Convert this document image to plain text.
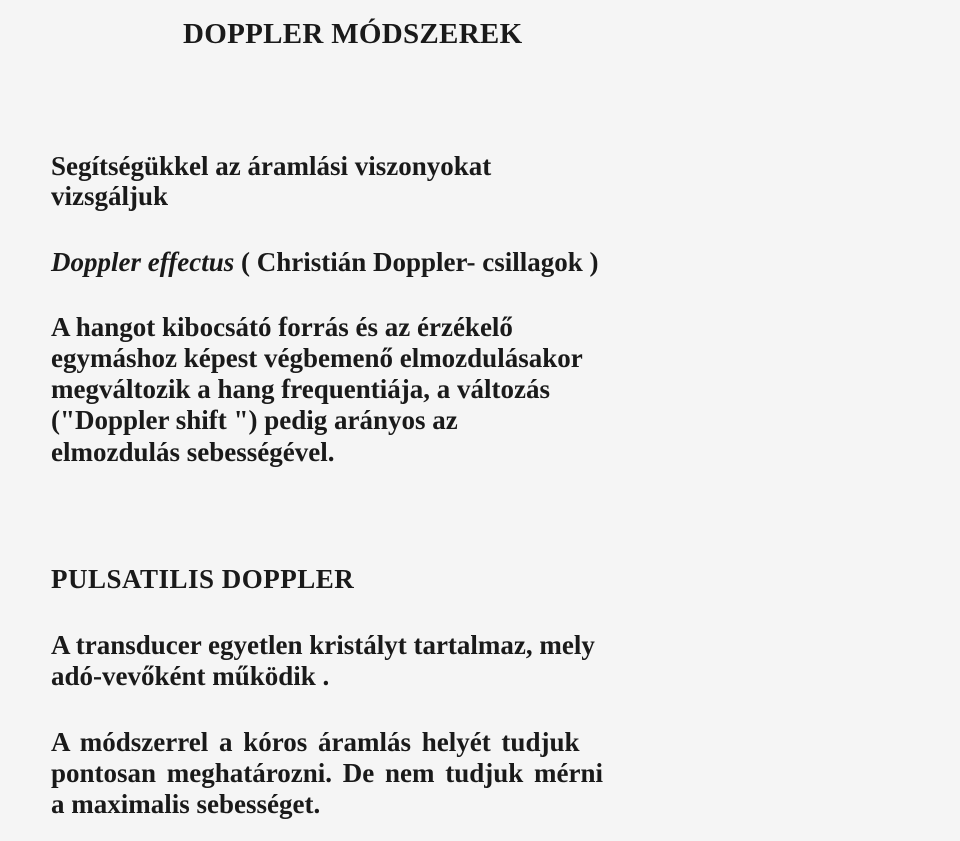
DOPPLER MÓDSZEREK
Segítségükkel az áramlási viszonyokat
vizsgáljuk
Doppler effectus ( Christián Doppler- csillagok )
A hangot kibocsátó forrás és az érzékelő
egymáshoz képest végbemenő elmozdulásakor
megváltozik a hang frequentiája, a változás
("Doppler shift ") pedig arányos az
elmozdulás sebességével.
PULSATILIS DOPPLER
A transducer egyetlen kristályt tartalmaz, mely
adó-vevőként működik .
A módszerrel a kóros áramlás helyét tudjuk
pontosan meghatározni. De nem tudjuk mérni
a maximalis sebességet.
